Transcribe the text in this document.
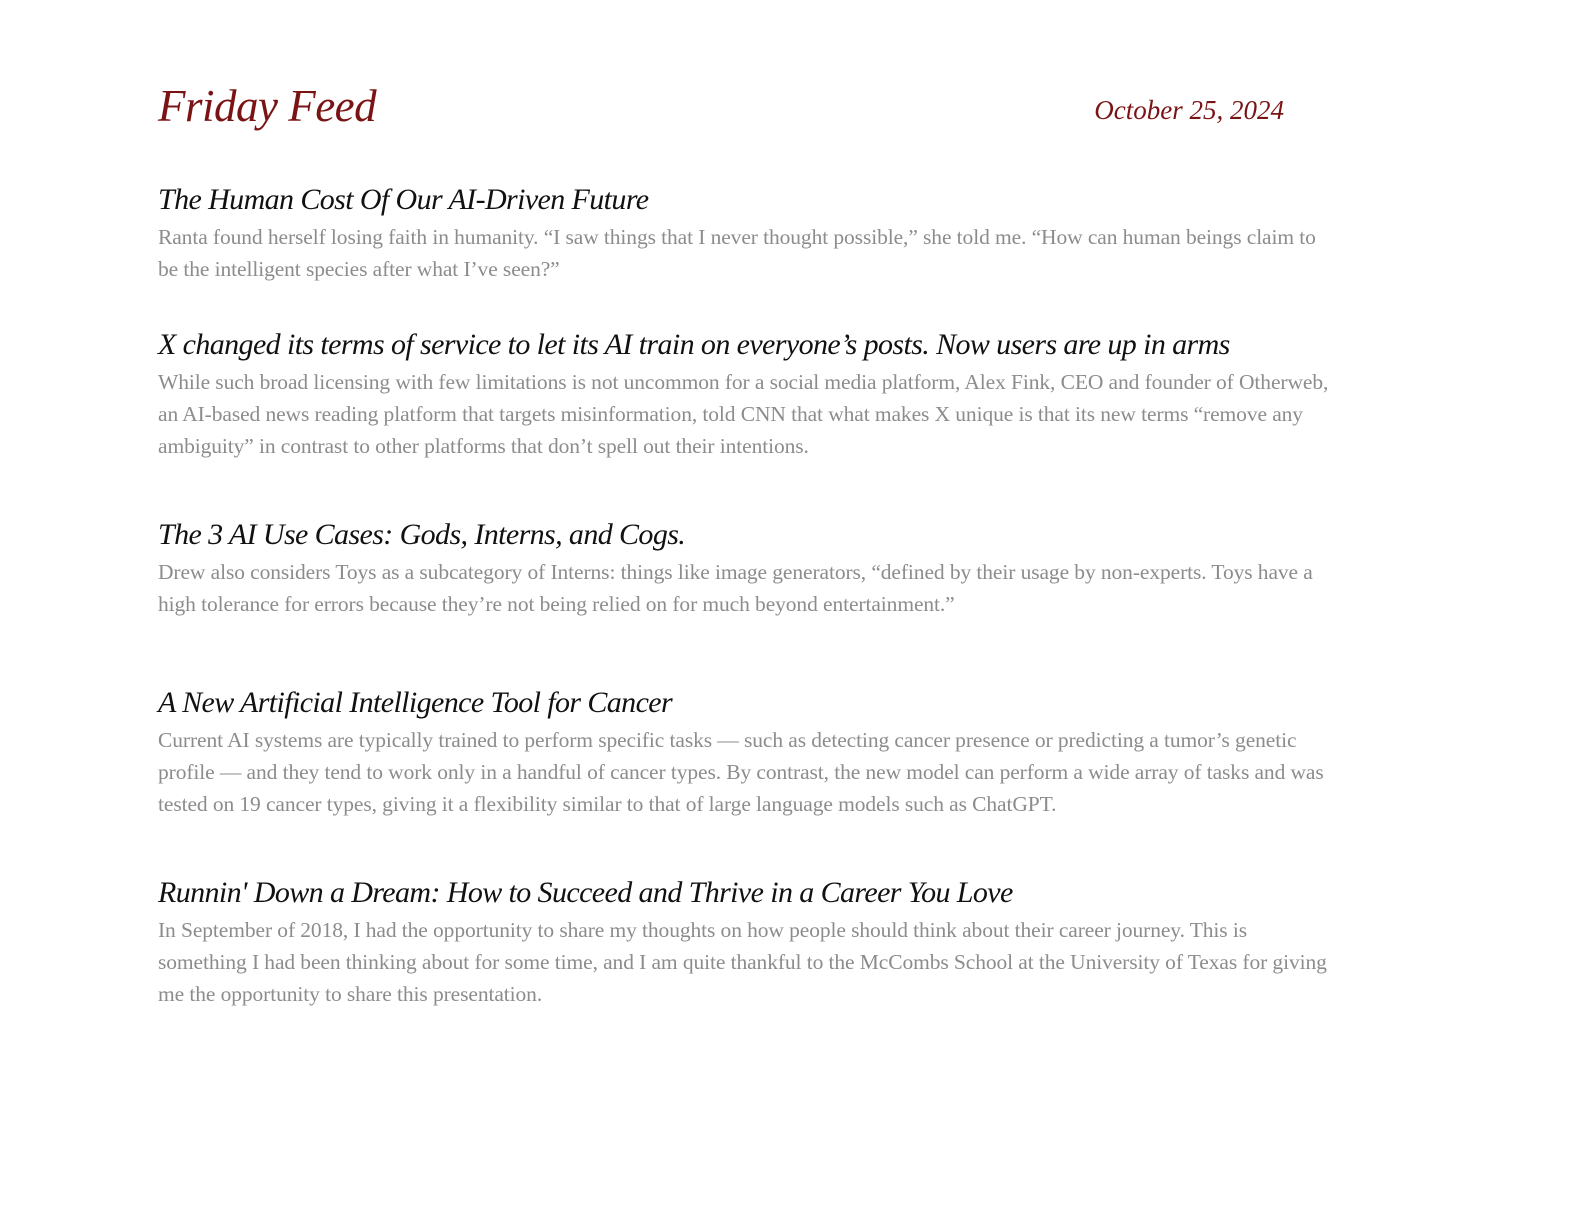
Friday Feed	October 25, 2024
The Human Cost Of Our AI-Driven Future

Ranta found herself losing faith in humanity. “I saw things that I never thought possible,” she told me. “How can human beings claim to be the intelligent species after what I’ve seen?”

X changed its terms of service to let its AI train on everyone’s posts. Now users are up in arms

While such broad licensing with few limitations is not uncommon for a social media platform, Alex Fink, CEO and founder of Otherweb, an AI-based news reading platform that targets misinformation, told CNN that what makes X unique is that its new terms “remove any ambiguity” in contrast to other platforms that don’t spell out their intentions.

The 3 AI Use Cases: Gods, Interns, and Cogs.

Drew also considers Toys as a subcategory of Interns: things like image generators, “defined by their usage by non-experts. Toys have a high tolerance for errors because they’re not being relied on for much beyond entertainment.”

A New Artificial Intelligence Tool for Cancer

Current AI systems are typically trained to perform specific tasks — such as detecting cancer presence or predicting a tumor’s genetic profile — and they tend to work only in a handful of cancer types. By contrast, the new model can perform a wide array of tasks and was tested on 19 cancer types, giving it a flexibility similar to that of large language models such as ChatGPT.

Runnin' Down a Dream: How to Succeed and Thrive in a Career You Love

In September of 2018, I had the opportunity to share my thoughts on how people should think about their career journey. This is something I had been thinking about for some time, and I am quite thankful to the McCombs School at the University of Texas for giving me the opportunity to share this presentation.
